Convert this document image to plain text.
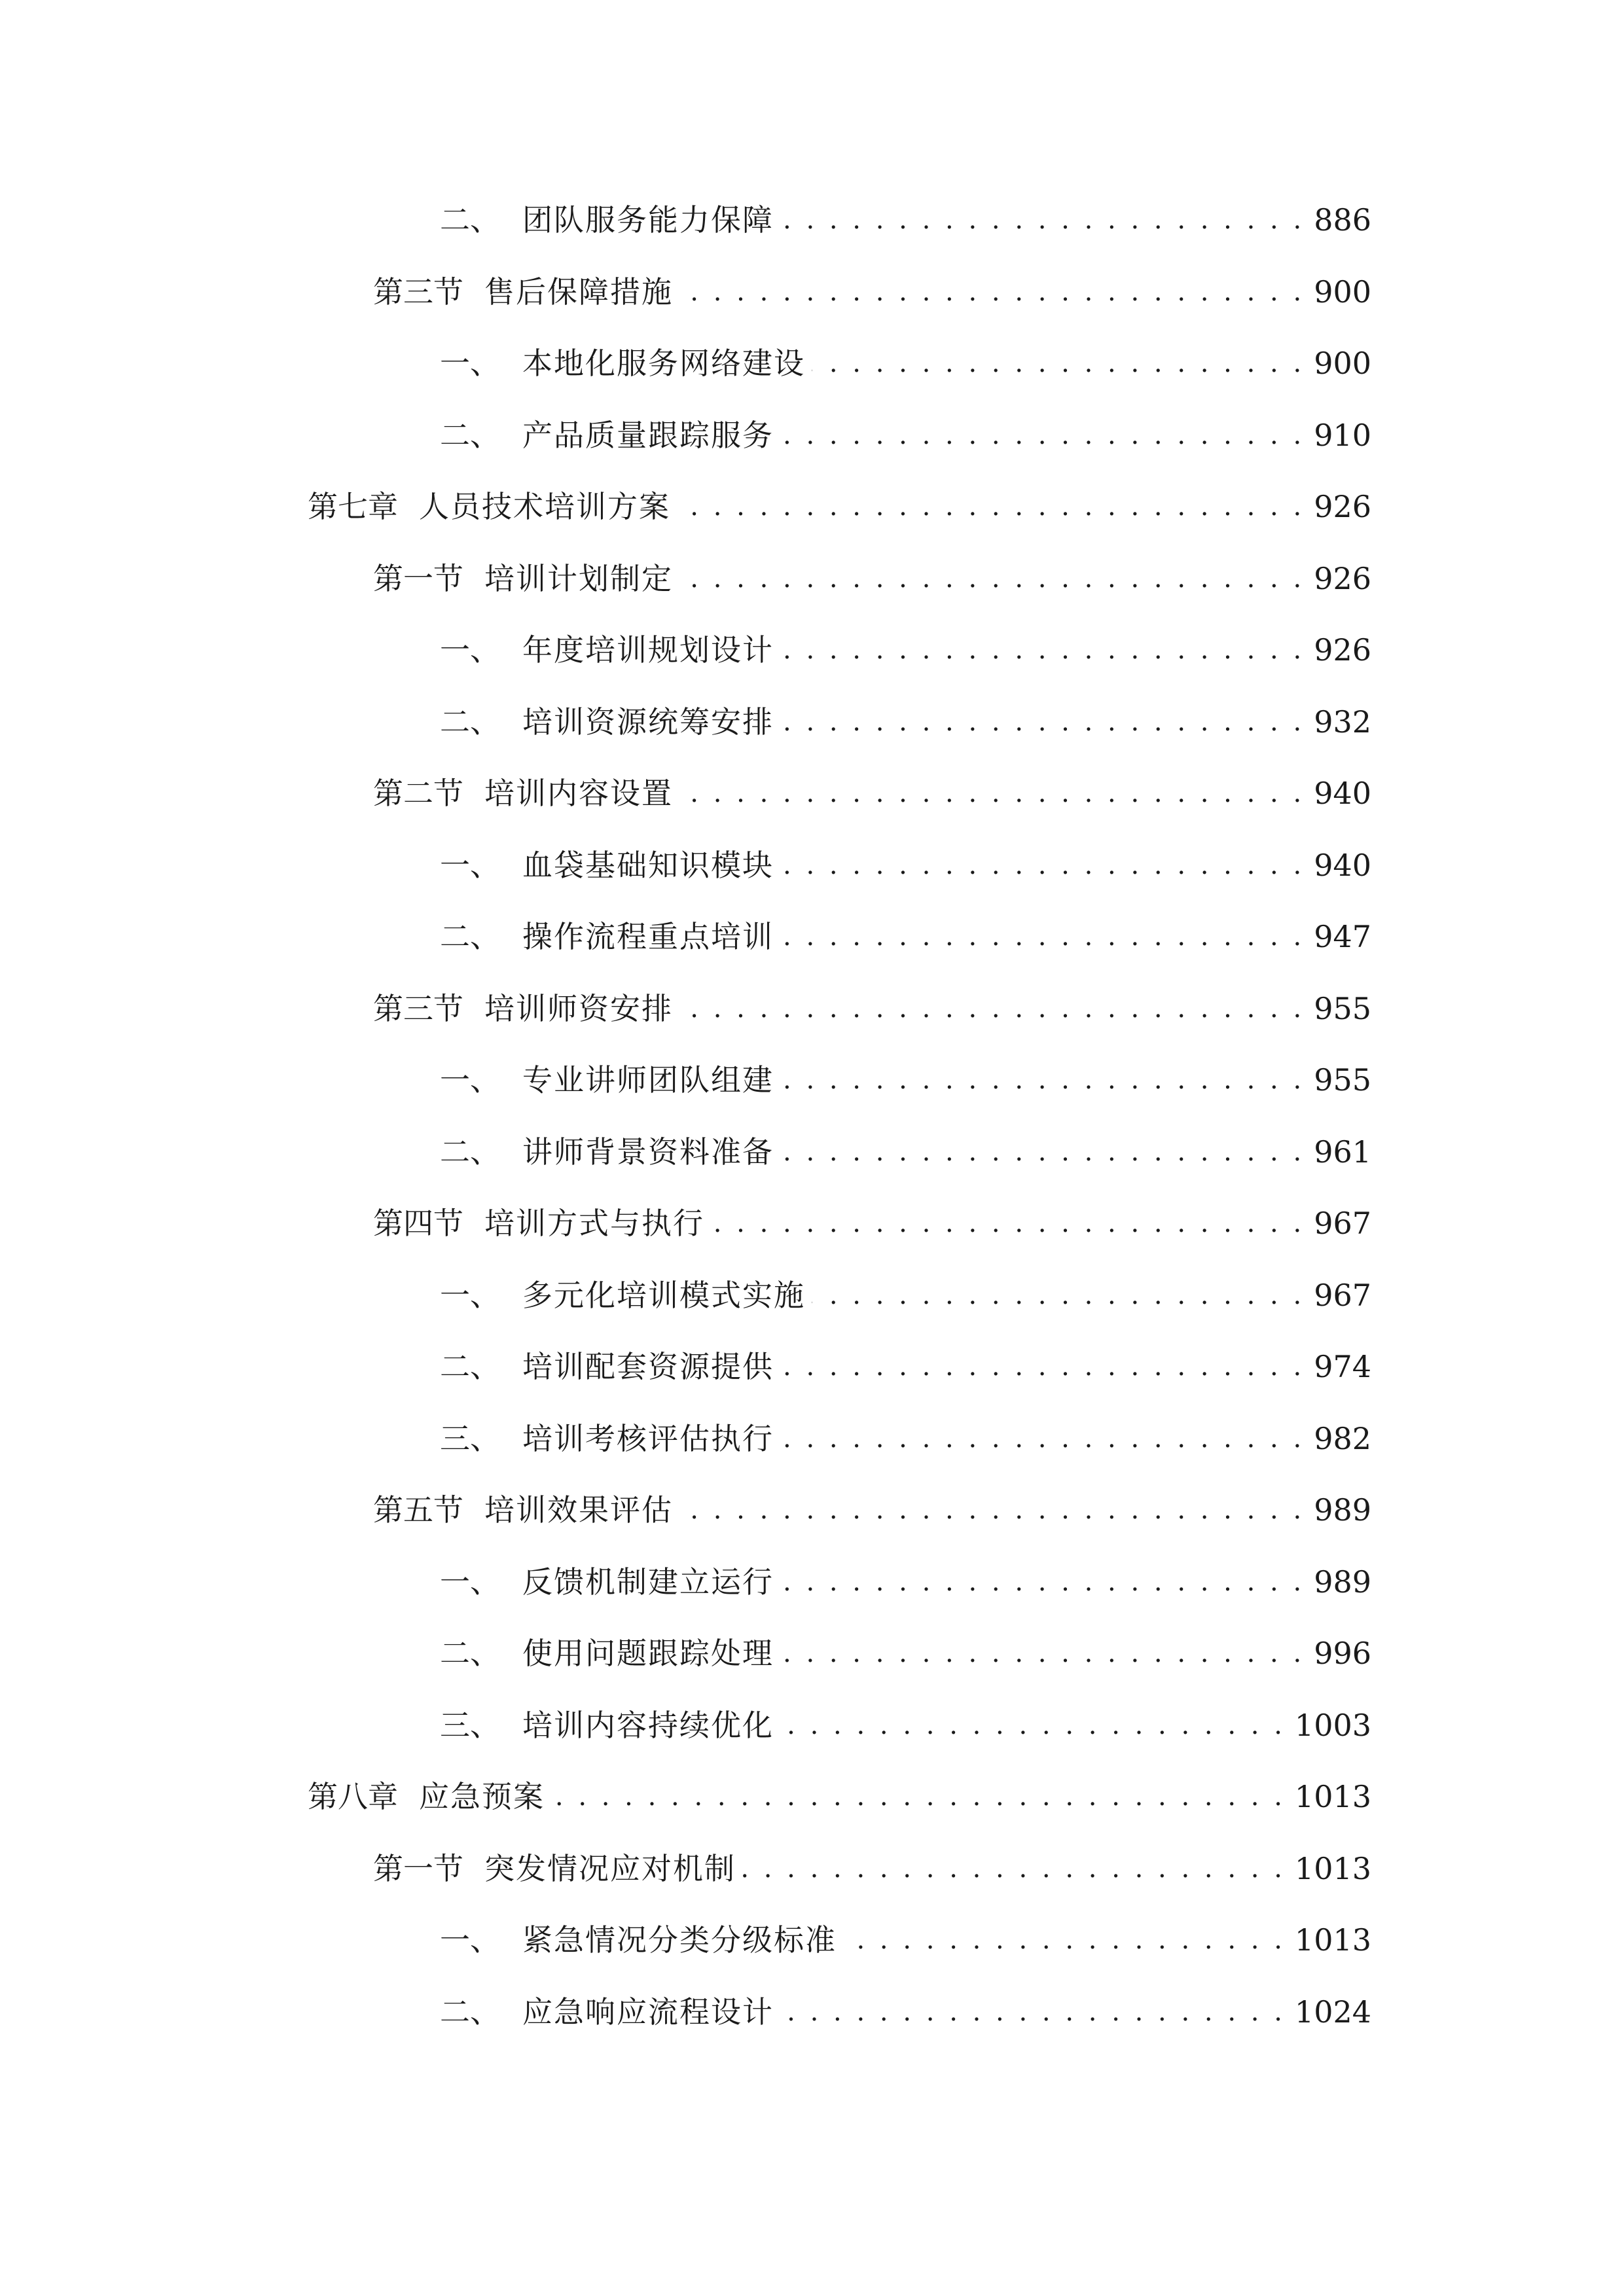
二、 团队服务能力保障 . . .	886
第三节 售后保障措施 . . .	900
一、 本地化服务网络建设 . . .	900
二、 产品质量跟踪服务 . . .	910
第七章 人员技术培训方案 . . .	926
第一节 培训计划制定 . . .	926
一、 年度培训规划设计 . . .	926
二、 培训资源统筹安排 . . .	932
第二节 培训内容设置 . . .	940
一、 血袋基础知识模块 . . .	940
二、 操作流程重点培训 . . .	947
第三节 培训师资安排 . . .	955
一、 专业讲师团队组建 . . .	955
二、 讲师背景资料准备 . . .	961
第四节 培训方式与执行 . . .	967
一、 多元化培训模式实施 . . .	967
二、 培训配套资源提供 . . .	974
三、 培训考核评估执行 . . .	982
第五节 培训效果评估 . . .	989
一、 反馈机制建立运行 . . .	989
二、 使用问题跟踪处理 . . .	996
三、 培训内容持续优化 . . .	1003
第八章 应急预案 . . .	1013
第一节 突发情况应对机制 . . .	1013
一、 紧急情况分类分级标准 . . .	1013
二、 应急响应流程设计 . . .	1024
